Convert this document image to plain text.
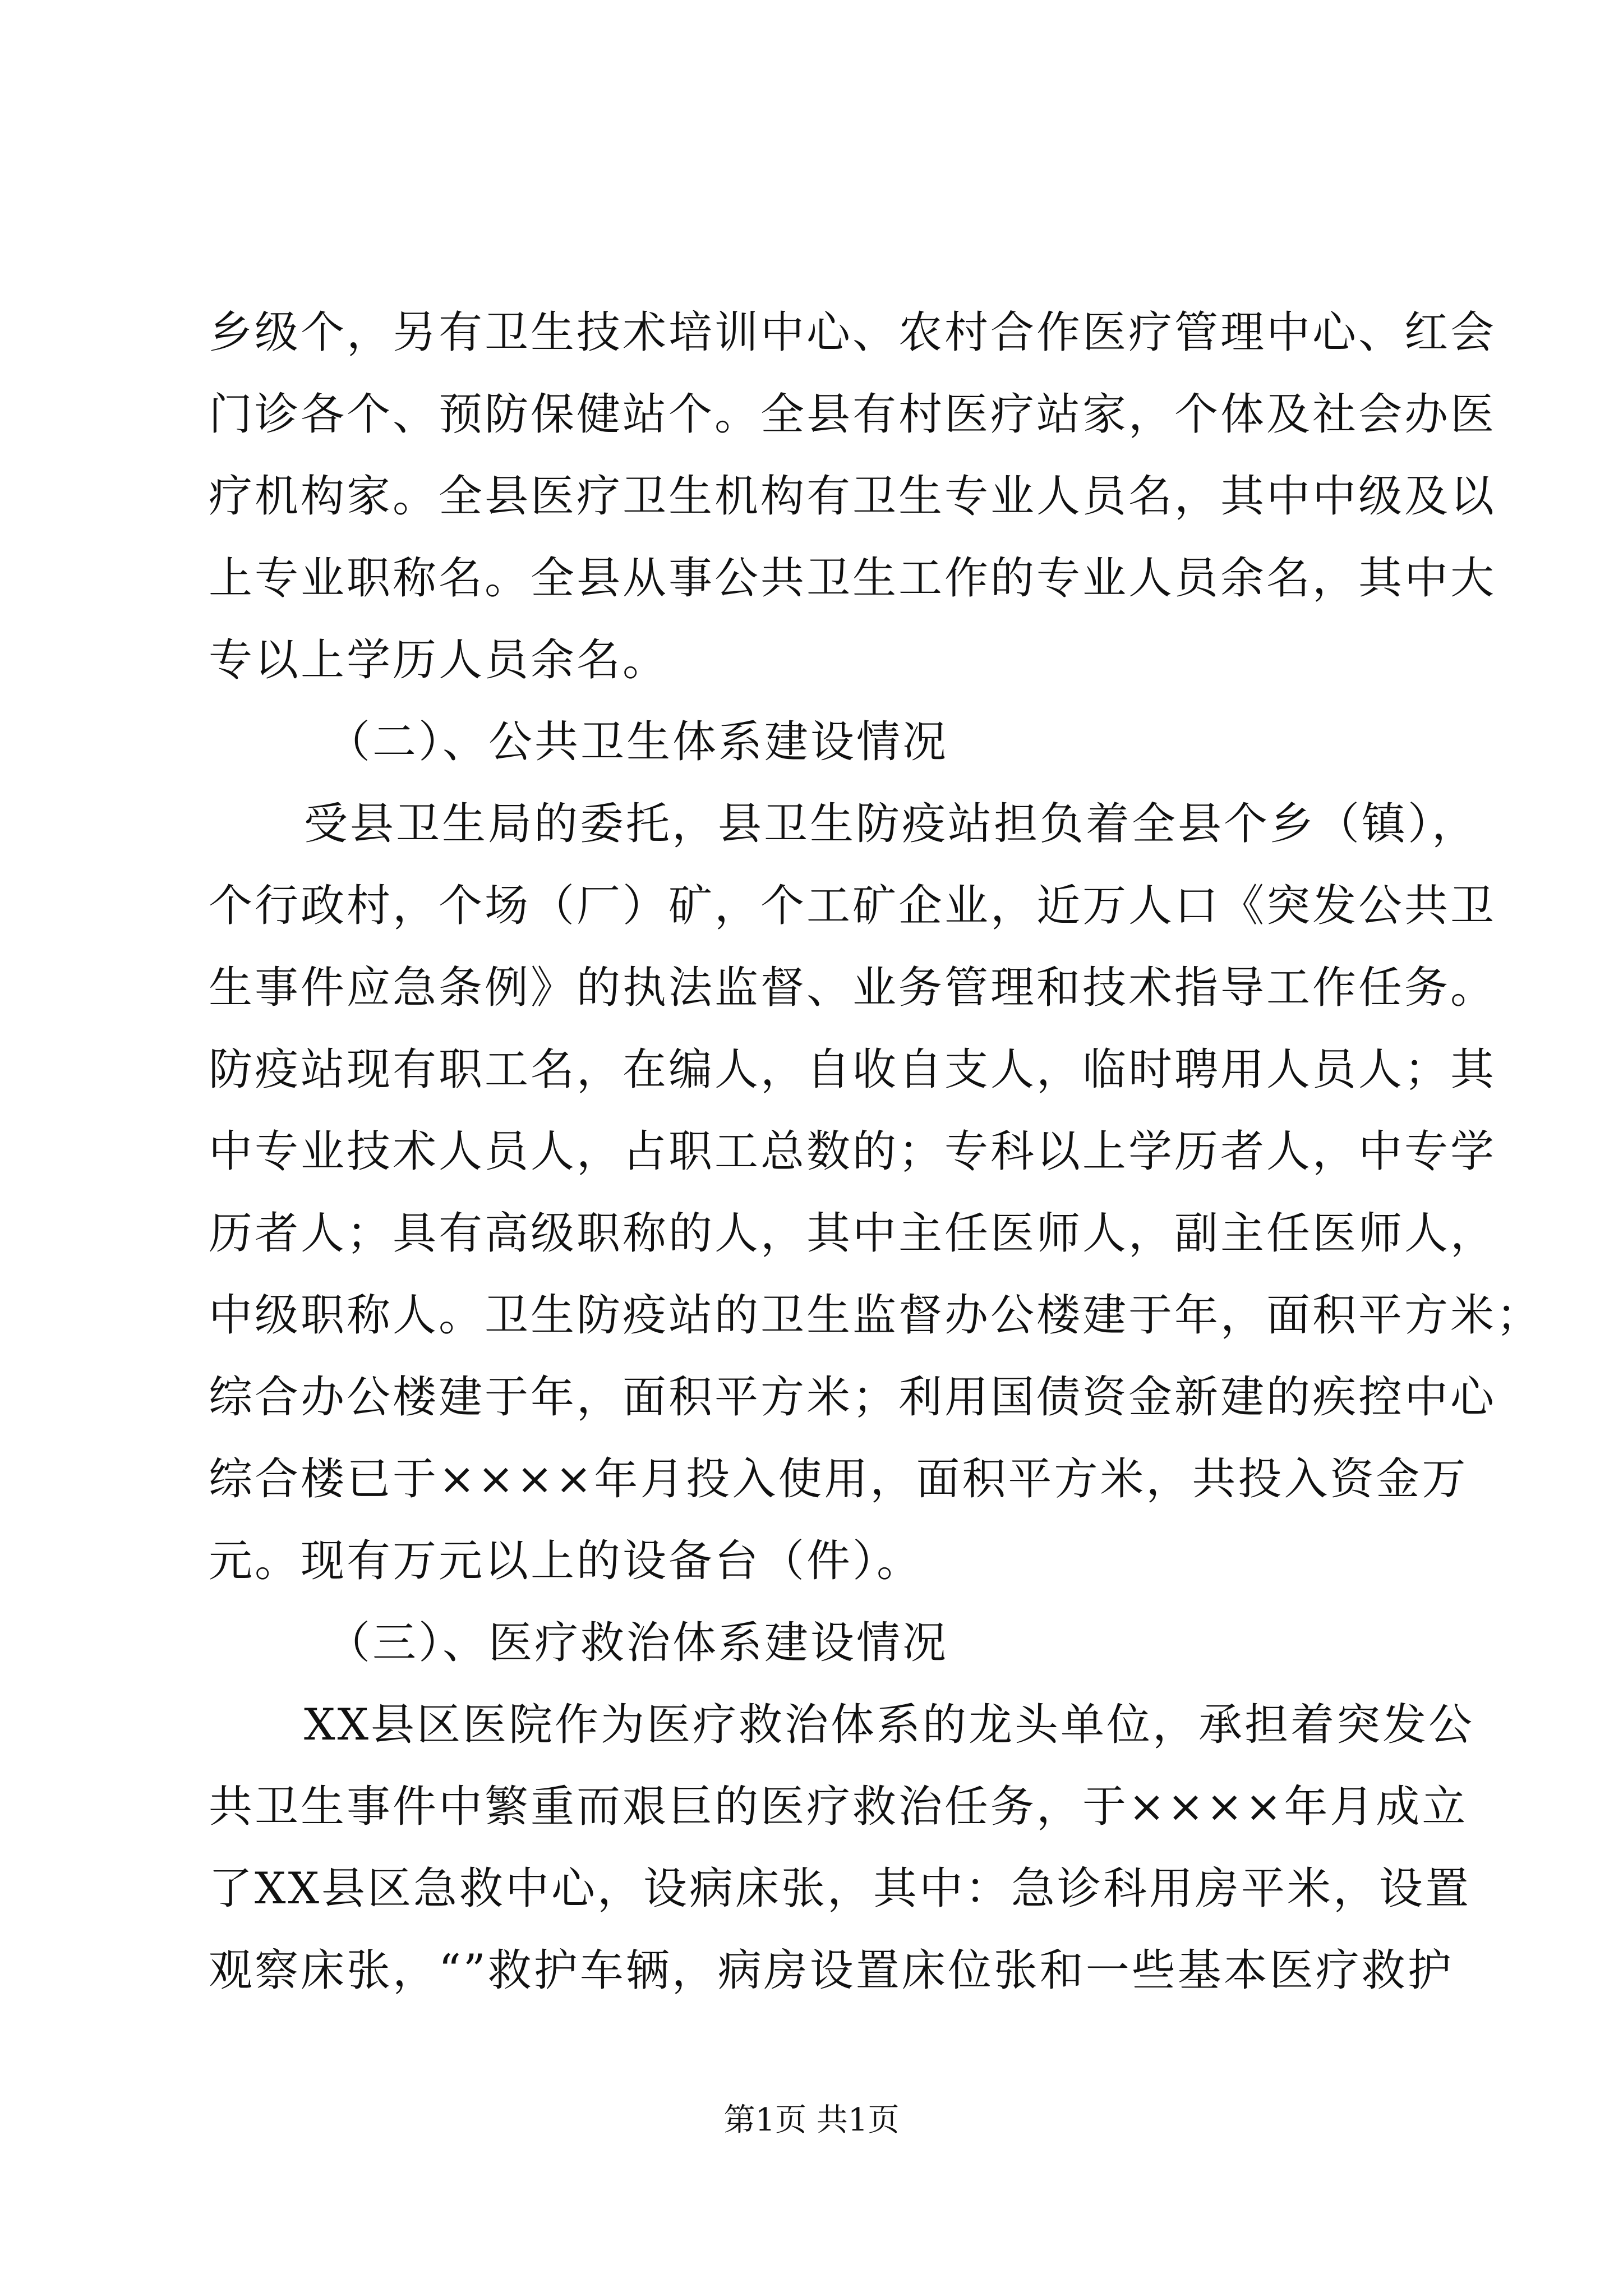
乡级个，另有卫生技术培训中心、农村合作医疗管理中心、红会
门诊各个、预防保健站个。全县有村医疗站家，个体及社会办医
疗机构家。全县医疗卫生机构有卫生专业人员名，其中中级及以
上专业职称名。全县从事公共卫生工作的专业人员余名，其中大
专以上学历人员余名。
（二）、公共卫生体系建设情况
受县卫生局的委托，县卫生防疫站担负着全县个乡（镇），
个行政村，个场（厂）矿，个工矿企业，近万人口《突发公共卫
生事件应急条例》的执法监督、业务管理和技术指导工作任务。
防疫站现有职工名，在编人，自收自支人，临时聘用人员人；其
中专业技术人员人，占职工总数的；专科以上学历者人，中专学
历者人；具有高级职称的人，其中主任医师人，副主任医师人，
中级职称人。卫生防疫站的卫生监督办公楼建于年，面积平方米；
综合办公楼建于年，面积平方米；利用国债资金新建的疾控中心
综合楼已于××××年月投入使用，面积平方米，共投入资金万
元。现有万元以上的设备台（件）。
（三）、医疗救治体系建设情况
XX县区医院作为医疗救治体系的龙头单位，承担着突发公
共卫生事件中繁重而艰巨的医疗救治任务，于××××年月成立
了XX县区急救中心，设病床张，其中：急诊科用房平米，设置
观察床张，“”救护车辆，病房设置床位张和一些基本医疗救护
第1页 共1页
